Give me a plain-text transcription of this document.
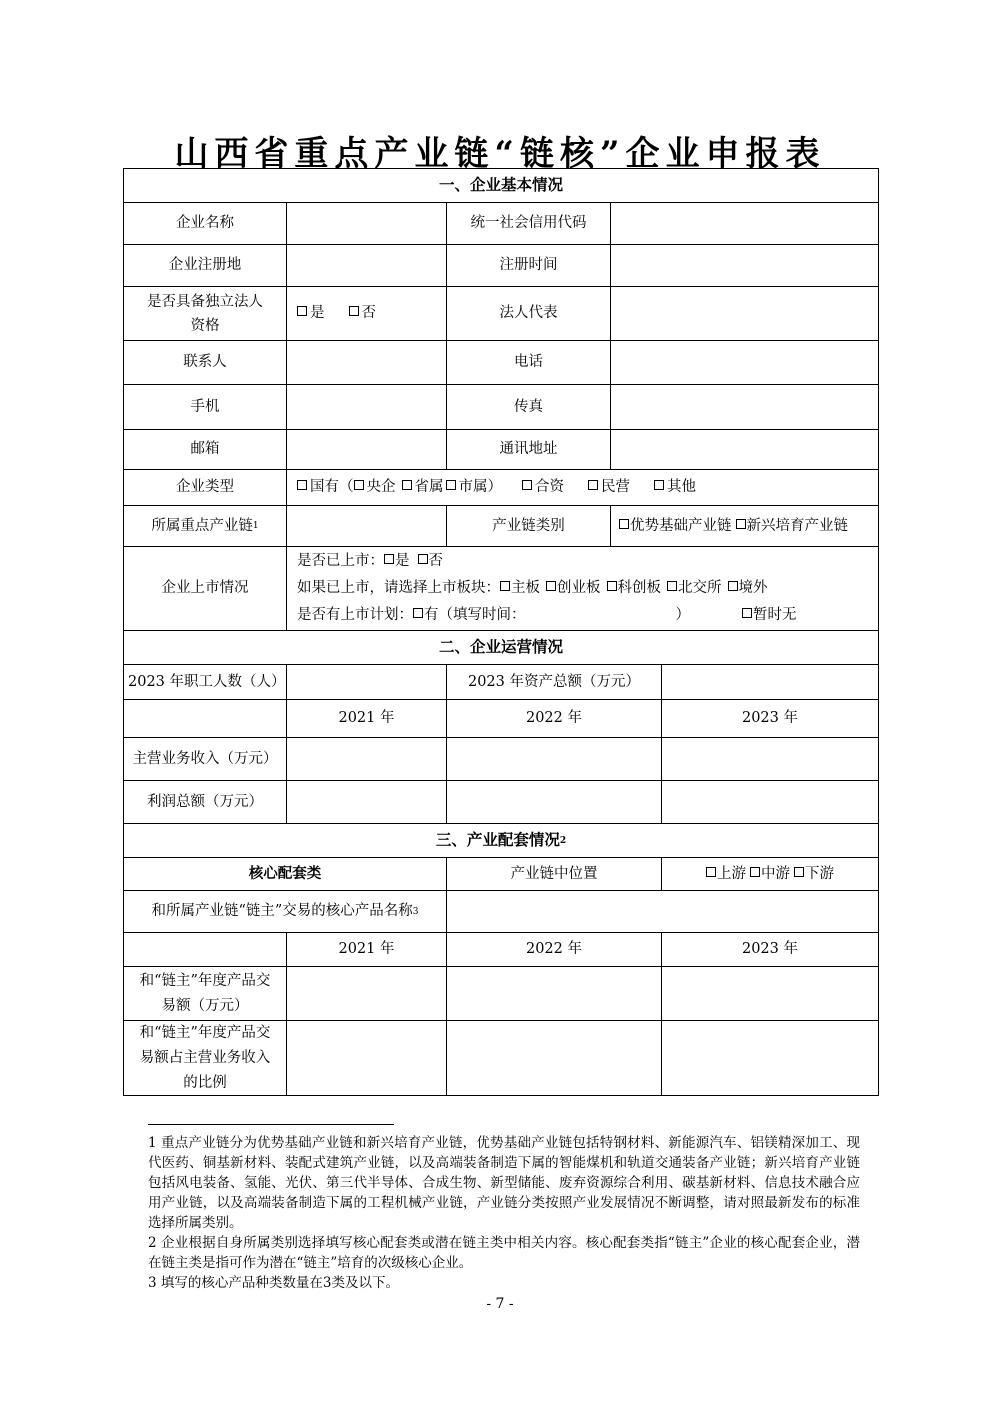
山西省重点产业链“链核”企业申报表
一、企业基本情况
企业名称	统一社会信用代码
企业注册地	注册时间
是否具备独立法人
资格
是	否	法人代表
联系人	电话
手机	传真
邮箱	通讯地址
企业类型	国有（ 央企	省属	市属）	合资	民营	其他
所属重点产业链 1	产业链类别	优势基础产业链	新兴培育产业链
企业上市情况
是否已上市： 是 否
如果已上市，请选择上市板块： 主板 创业板 科创板 北交所 境外
是否有上市计划： 有（填写时间：	）	暂时无
二、企业运营情况
2023 年职工人数（人）	2023 年资产总额（万元）
2021 年	2022 年	2023 年
主营业务收入（万元）
利润总额（万元）
三、产业配套情况 2
核心配套类	产业链中位置	上游	中游	下游
和所属产业链“链主”交易的核心产品名称 3
2021 年	2022 年	2023 年
和“链主”年度产品交
易额（万元）
和“链主”年度产品交
易额占主营业务收入
的比例

1 重点产业链分为优势基础产业链和新兴培育产业链，优势基础产业链包括特钢材料、新能源汽车、铝镁精深加工、现代医药、铜基新材料、装配式建筑产业链，以及高端装备制造下属的智能煤机和轨道交通装备产业链；新兴培育产业链包括风电装备、氢能、光伏、第三代半导体、合成生物、新型储能、废弃资源综合利用、碳基新材料、信息技术融合应用产业链，以及高端装备制造下属的工程机械产业链，产业链分类按照产业发展情况不断调整，请对照最新发布的标准选择所属类别。

2 企业根据自身所属类别选择填写核心配套类或潜在链主类中相关内容。核心配套类指“链主”企业的核心配套企业，潜在链主类是指可作为潜在“链主”培育的次级核心企业。

3 填写的核心产品种类数量在3类及以下。

- 7 -
